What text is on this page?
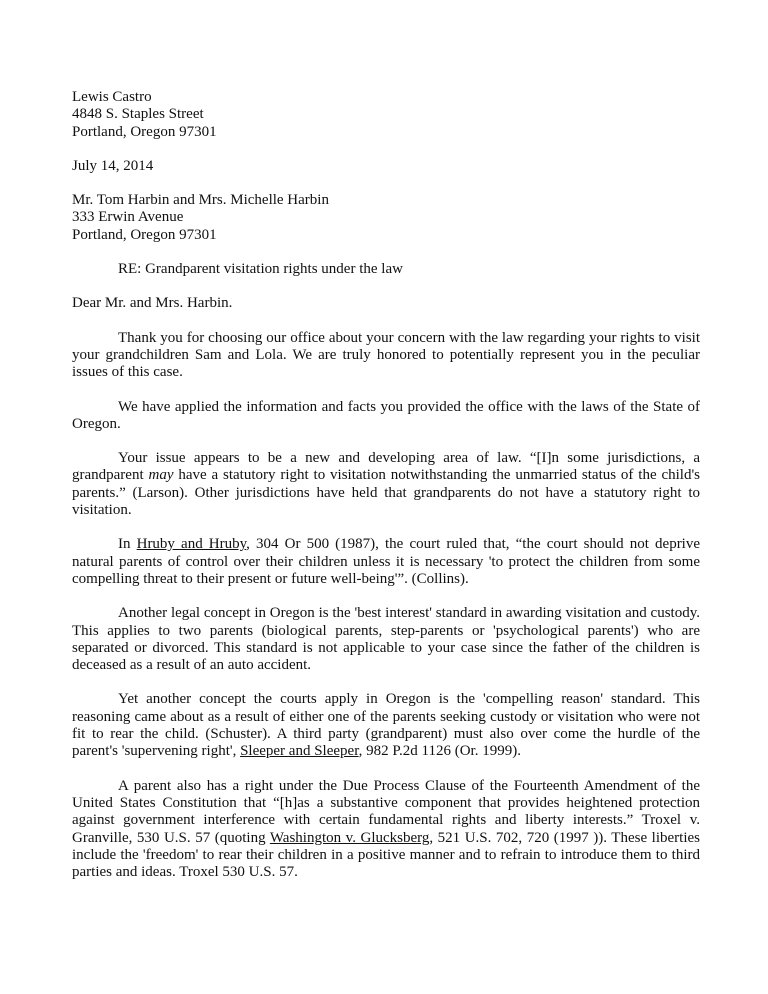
Lewis Castro
4848 S. Staples Street
Portland, Oregon 97301
July 14, 2014
Mr. Tom Harbin and Mrs. Michelle Harbin
333 Erwin Avenue
Portland, Oregon 97301
RE: Grandparent visitation rights under the law
Dear Mr. and Mrs. Harbin.
Thank you for choosing our office about your concern with the law regarding your rights to visit your grandchildren Sam and Lola. We are truly honored to potentially represent you in the peculiar issues of this case.
We have applied the information and facts you provided the office with the laws of the State of Oregon.
Your issue appears to be a new and developing area of law. “[I]n some jurisdictions, a grandparent may have a statutory right to visitation notwithstanding the unmarried status of the child's parents.” (Larson). Other jurisdictions have held that grandparents do not have a statutory right to visitation.
In Hruby and Hruby, 304 Or 500 (1987), the court ruled that, “the court should not deprive natural parents of control over their children unless it is necessary 'to protect the children from some compelling threat to their present or future well-being'”. (Collins).
Another legal concept in Oregon is the 'best interest' standard in awarding visitation and custody. This applies to two parents (biological parents, step-parents or 'psychological parents') who are separated or divorced. This standard is not applicable to your case since the father of the children is deceased as a result of an auto accident.
Yet another concept the courts apply in Oregon is the 'compelling reason' standard. This reasoning came about as a result of either one of the parents seeking custody or visitation who were not fit to rear the child. (Schuster). A third party (grandparent) must also over come the hurdle of the parent's 'supervening right', Sleeper and Sleeper, 982 P.2d 1126 (Or. 1999).
A parent also has a right under the Due Process Clause of the Fourteenth Amendment of the United States Constitution that “[h]as a substantive component that provides heightened protection against government interference with certain fundamental rights and liberty interests.” Troxel v. Granville, 530 U.S. 57 (quoting Washington v. Glucksberg, 521 U.S. 702, 720 (1997 )). These liberties include the 'freedom' to rear their children in a positive manner and to refrain to introduce them to third parties and ideas. Troxel 530 U.S. 57.
